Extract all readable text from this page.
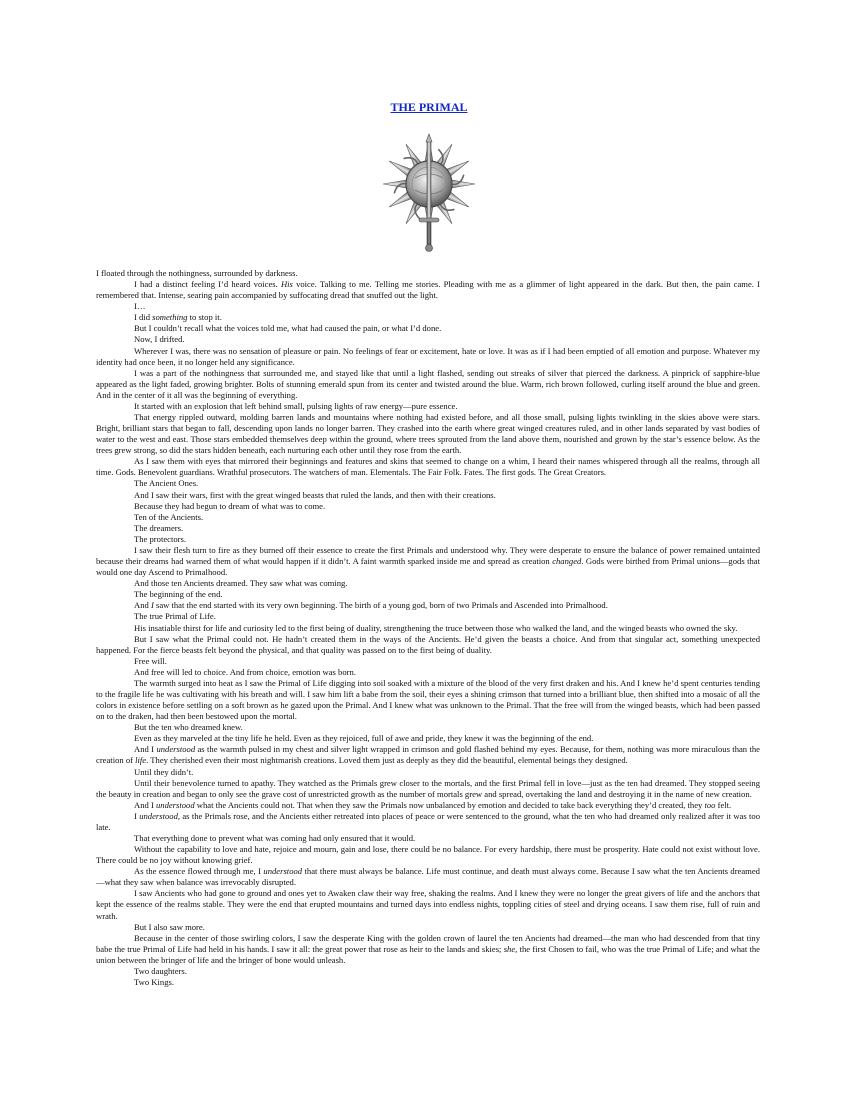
THE PRIMAL

I floated through the nothingness, surrounded by darkness.

I had a distinct feeling I’d heard voices. His voice. Talking to me. Telling me stories. Pleading with me as a glimmer of light appeared in the dark. But then, the pain came. I remembered that. Intense, searing pain accompanied by suffocating dread that snuffed out the light.

I…

I did something to stop it.

But I couldn’t recall what the voices told me, what had caused the pain, or what I’d done.

Now, I drifted.

Wherever I was, there was no sensation of pleasure or pain. No feelings of fear or excitement, hate or love. It was as if I had been emptied of all emotion and purpose. Whatever my identity had once been, it no longer held any significance.

I was a part of the nothingness that surrounded me, and stayed like that until a light flashed, sending out streaks of silver that pierced the darkness. A pinprick of sapphire-blue appeared as the light faded, growing brighter. Bolts of stunning emerald spun from its center and twisted around the blue. Warm, rich brown followed, curling itself around the blue and green. And in the center of it all was the beginning of everything.

It started with an explosion that left behind small, pulsing lights of raw energy—pure essence.

That energy rippled outward, molding barren lands and mountains where nothing had existed before, and all those small, pulsing lights twinkling in the skies above were stars. Bright, brilliant stars that began to fall, descending upon lands no longer barren. They crashed into the earth where great winged creatures ruled, and in other lands separated by vast bodies of water to the west and east. Those stars embedded themselves deep within the ground, where trees sprouted from the land above them, nourished and grown by the star’s essence below. As the trees grew strong, so did the stars hidden beneath, each nurturing each other until they rose from the earth.

As I saw them with eyes that mirrored their beginnings and features and skins that seemed to change on a whim, I heard their names whispered through all the realms, through all time. Gods. Benevolent guardians. Wrathful prosecutors. The watchers of man. Elementals. The Fair Folk. Fates. The first gods. The Great Creators.

The Ancient Ones.

And I saw their wars, first with the great winged beasts that ruled the lands, and then with their creations.

Because they had begun to dream of what was to come.

Ten of the Ancients.

The dreamers.

The protectors.

I saw their flesh turn to fire as they burned off their essence to create the first Primals and understood why. They were desperate to ensure the balance of power remained untainted because their dreams had warned them of what would happen if it didn’t. A faint warmth sparked inside me and spread as creation changed. Gods were birthed from Primal unions—gods that would one day Ascend to Primalhood.

And those ten Ancients dreamed. They saw what was coming.

The beginning of the end.

And I saw that the end started with its very own beginning. The birth of a young god, born of two Primals and Ascended into Primalhood.

The true Primal of Life.

His insatiable thirst for life and curiosity led to the first being of duality, strengthening the truce between those who walked the land, and the winged beasts who owned the sky.

But I saw what the Primal could not. He hadn’t created them in the ways of the Ancients. He’d given the beasts a choice. And from that singular act, something unexpected happened. For the fierce beasts felt beyond the physical, and that quality was passed on to the first being of duality.

Free will.

And free will led to choice. And from choice, emotion was born.

The warmth surged into heat as I saw the Primal of Life digging into soil soaked with a mixture of the blood of the very first draken and his. And I knew he’d spent centuries tending to the fragile life he was cultivating with his breath and will. I saw him lift a babe from the soil, their eyes a shining crimson that turned into a brilliant blue, then shifted into a mosaic of all the colors in existence before settling on a soft brown as he gazed upon the Primal. And I knew what was unknown to the Primal. That the free will from the winged beasts, which had been passed on to the draken, had then been bestowed upon the mortal.

But the ten who dreamed knew.

Even as they marveled at the tiny life he held. Even as they rejoiced, full of awe and pride, they knew it was the beginning of the end.

And I understood as the warmth pulsed in my chest and silver light wrapped in crimson and gold flashed behind my eyes. Because, for them, nothing was more miraculous than the creation of life. They cherished even their most nightmarish creations. Loved them just as deeply as they did the beautiful, elemental beings they designed.

Until they didn’t.

Until their benevolence turned to apathy. They watched as the Primals grew closer to the mortals, and the first Primal fell in love—just as the ten had dreamed. They stopped seeing the beauty in creation and began to only see the grave cost of unrestricted growth as the number of mortals grew and spread, overtaking the land and destroying it in the name of new creation.

And I understood what the Ancients could not. That when they saw the Primals now unbalanced by emotion and decided to take back everything they’d created, they too felt.

I understood, as the Primals rose, and the Ancients either retreated into places of peace or were sentenced to the ground, what the ten who had dreamed only realized after it was too late.

That everything done to prevent what was coming had only ensured that it would.

Without the capability to love and hate, rejoice and mourn, gain and lose, there could be no balance. For every hardship, there must be prosperity. Hate could not exist without love. There could be no joy without knowing grief.

As the essence flowed through me, I understood that there must always be balance. Life must continue, and death must always come. Because I saw what the ten Ancients dreamed—what they saw when balance was irrevocably disrupted.

I saw Ancients who had gone to ground and ones yet to Awaken claw their way free, shaking the realms. And I knew they were no longer the great givers of life and the anchors that kept the essence of the realms stable. They were the end that erupted mountains and turned days into endless nights, toppling cities of steel and drying oceans. I saw them rise, full of ruin and wrath.

But I also saw more.

Because in the center of those swirling colors, I saw the desperate King with the golden crown of laurel the ten Ancients had dreamed—the man who had descended from that tiny babe the true Primal of Life had held in his hands. I saw it all: the great power that rose as heir to the lands and skies; she, the first Chosen to fail, who was the true Primal of Life; and what the union between the bringer of life and the bringer of bone would unleash.

Two daughters.

Two Kings.
